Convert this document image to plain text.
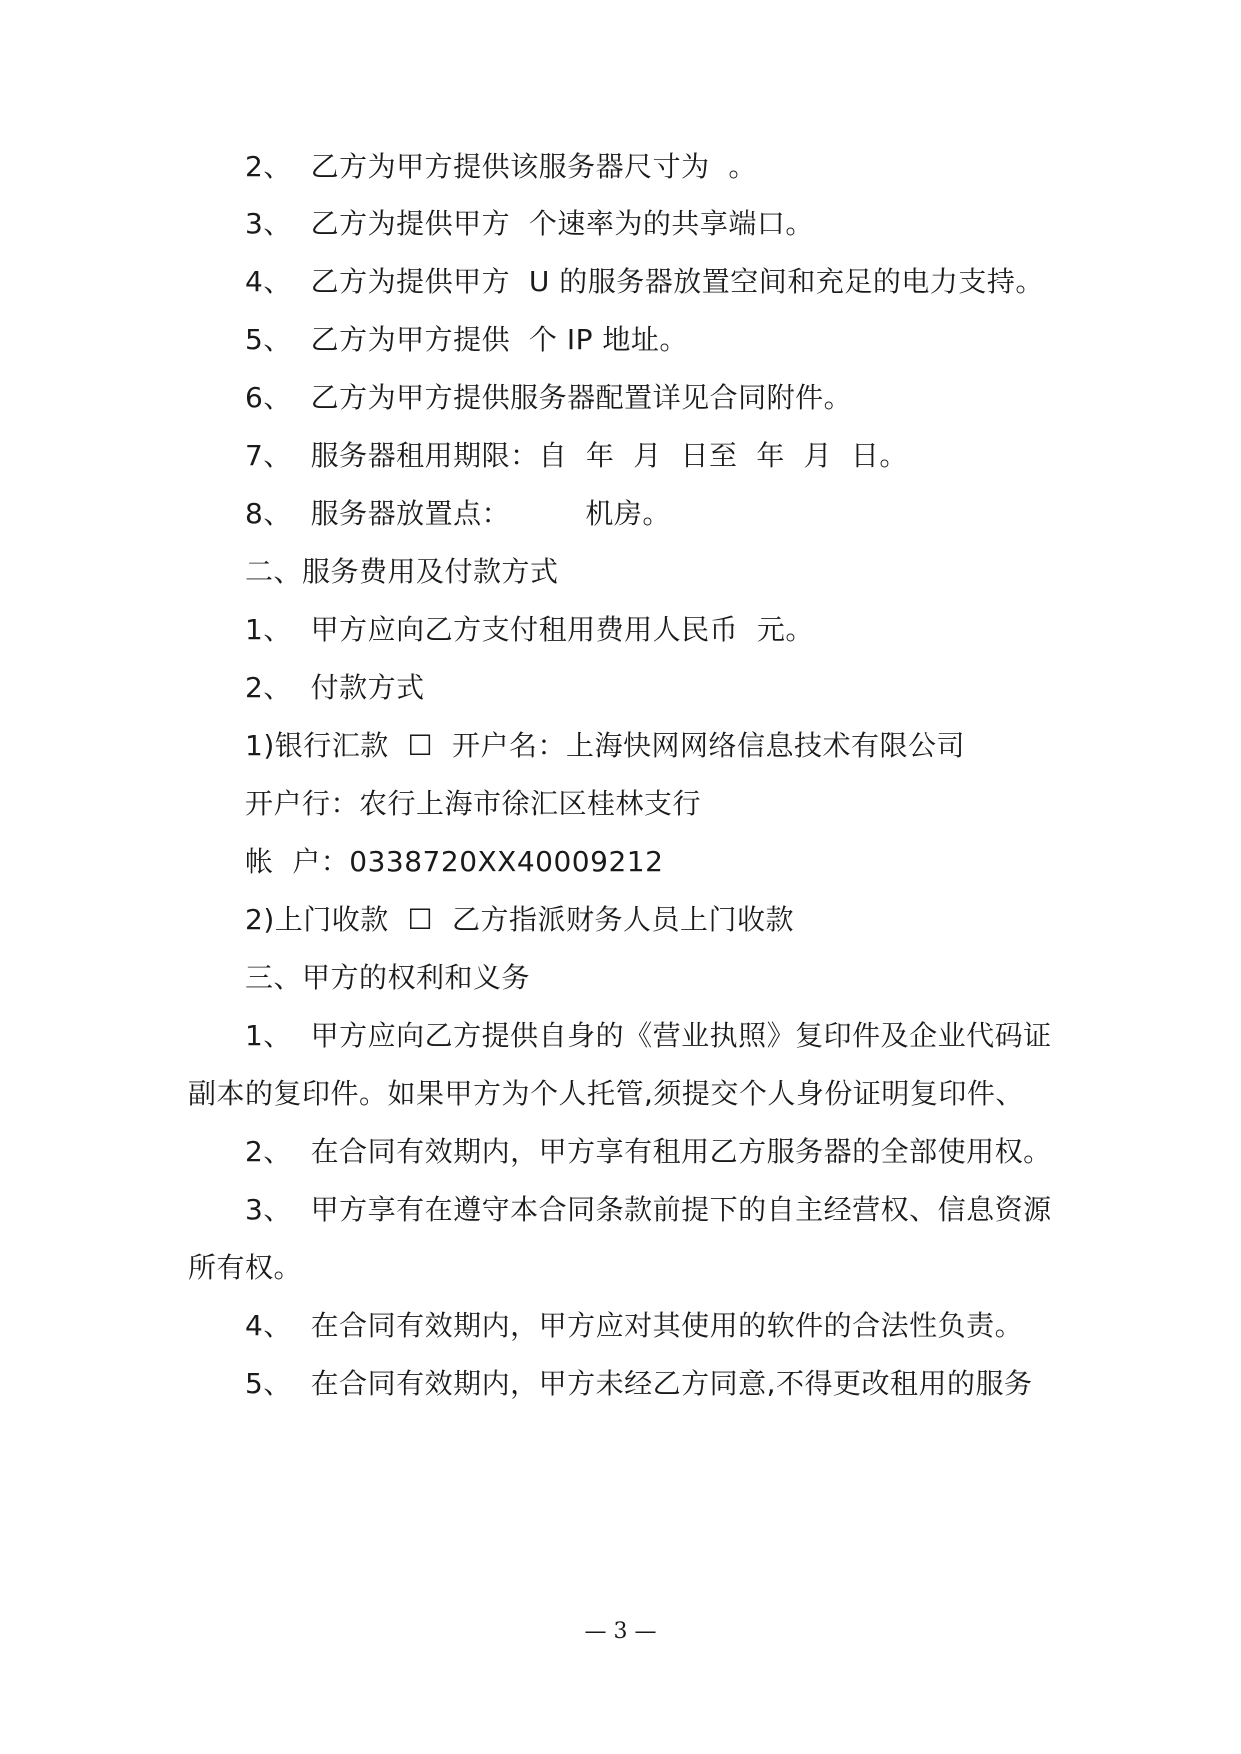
2、  乙方为甲方提供该服务器尺寸为  。
3、  乙方为提供甲方  个速率为的共享端口。
4、  乙方为提供甲方  U 的服务器放置空间和充足的电力支持。
5、  乙方为甲方提供  个 IP 地址。
6、  乙方为甲方提供服务器配置详见合同附件。
7、  服务器租用期限：自  年  月  日至  年  月  日。
8、  服务器放置点：        机房。
二、服务费用及付款方式
1、  甲方应向乙方支付租用费用人民币  元。
2、  付款方式
1)银行汇款  ☐  开户名：上海快网网络信息技术有限公司
开户行：农行上海市徐汇区桂林支行
帐  户：0338720XX40009212
2)上门收款  ☐  乙方指派财务人员上门收款
三、甲方的权利和义务
1、  甲方应向乙方提供自身的《营业执照》复印件及企业代码证
副本的复印件。如果甲方为个人托管,须提交个人身份证明复印件、
2、  在合同有效期内，甲方享有租用乙方服务器的全部使用权。
3、  甲方享有在遵守本合同条款前提下的自主经营权、信息资源
所有权。
4、  在合同有效期内，甲方应对其使用的软件的合法性负责。
5、  在合同有效期内，甲方未经乙方同意,不得更改租用的服务
— 3 —
